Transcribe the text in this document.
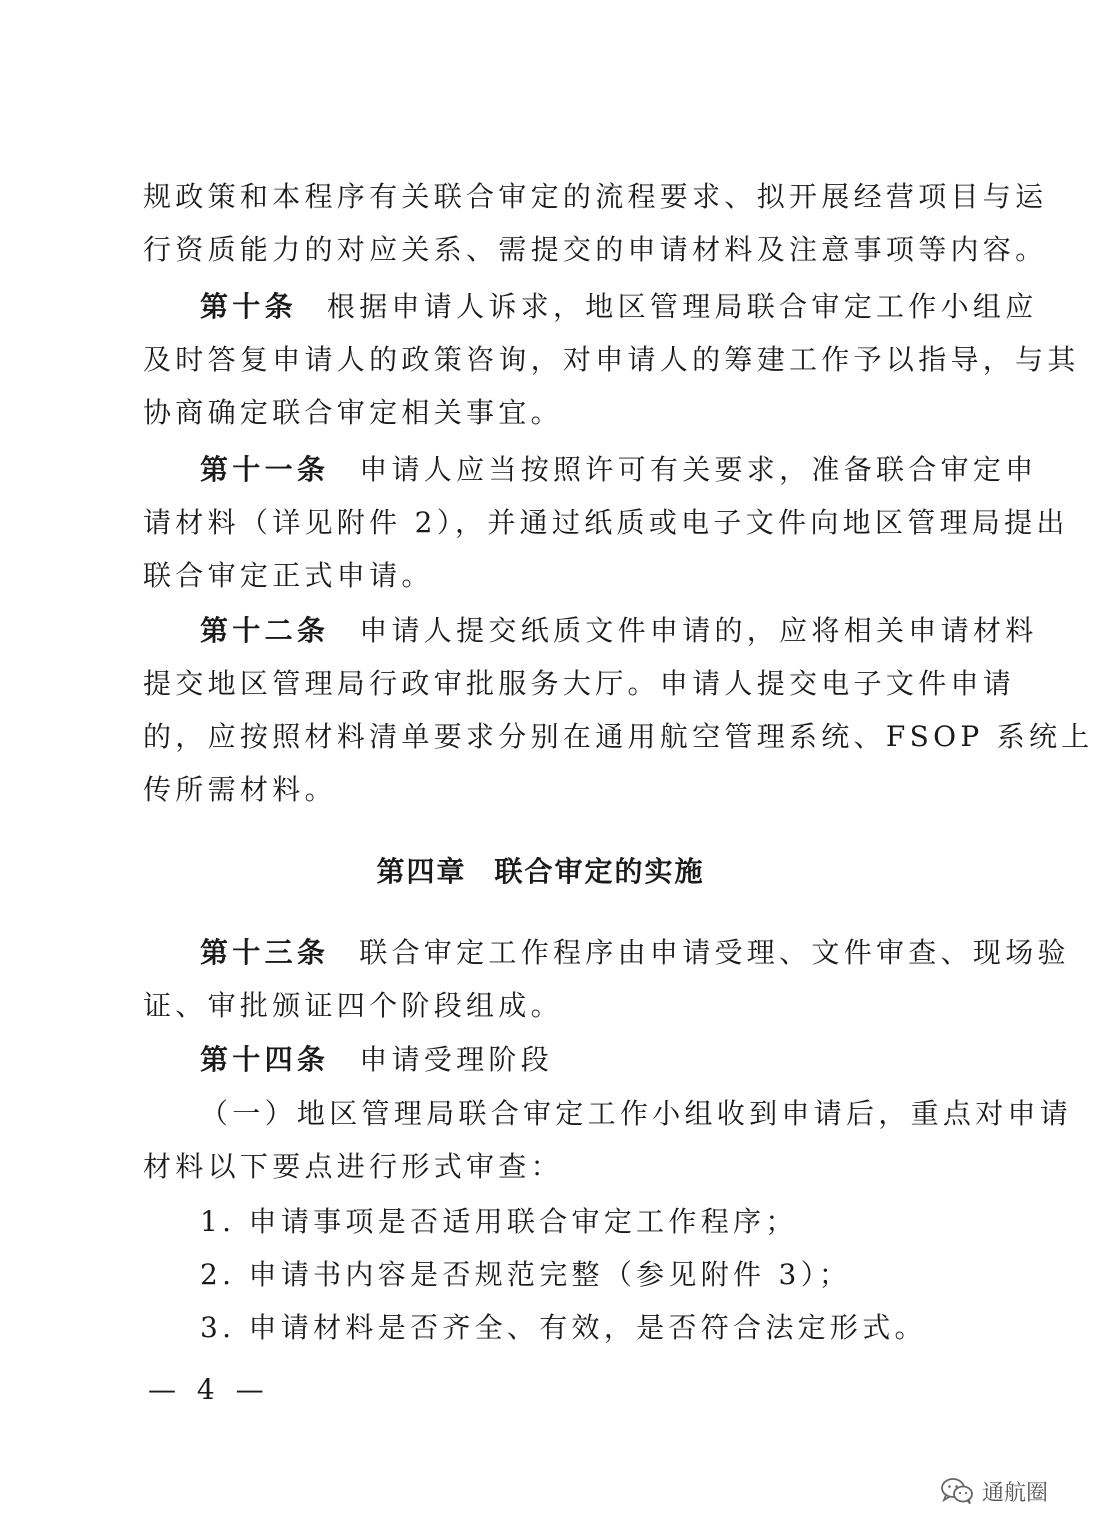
规政策和本程序有关联合审定的流程要求、拟开展经营项目与运
行资质能力的对应关系、需提交的申请材料及注意事项等内容。
第十条 根据申请人诉求，地区管理局联合审定工作小组应
及时答复申请人的政策咨询，对申请人的筹建工作予以指导，与其
协商确定联合审定相关事宜。
第十一条 申请人应当按照许可有关要求，准备联合审定申
请材料（详见附件 2），并通过纸质或电子文件向地区管理局提出
联合审定正式申请。
第十二条 申请人提交纸质文件申请的，应将相关申请材料
提交地区管理局行政审批服务大厅。申请人提交电子文件申请
的，应按照材料清单要求分别在通用航空管理系统、FSOP 系统上
传所需材料。
第四章 联合审定的实施
第十三条 联合审定工作程序由申请受理、文件审查、现场验
证、审批颁证四个阶段组成。
第十四条 申请受理阶段
（一）地区管理局联合审定工作小组收到申请后，重点对申请
材料以下要点进行形式审查：
1. 申请事项是否适用联合审定工作程序；
2. 申请书内容是否规范完整（参见附件 3）；
3. 申请材料是否齐全、有效，是否符合法定形式。
— 4 —
通航圈
